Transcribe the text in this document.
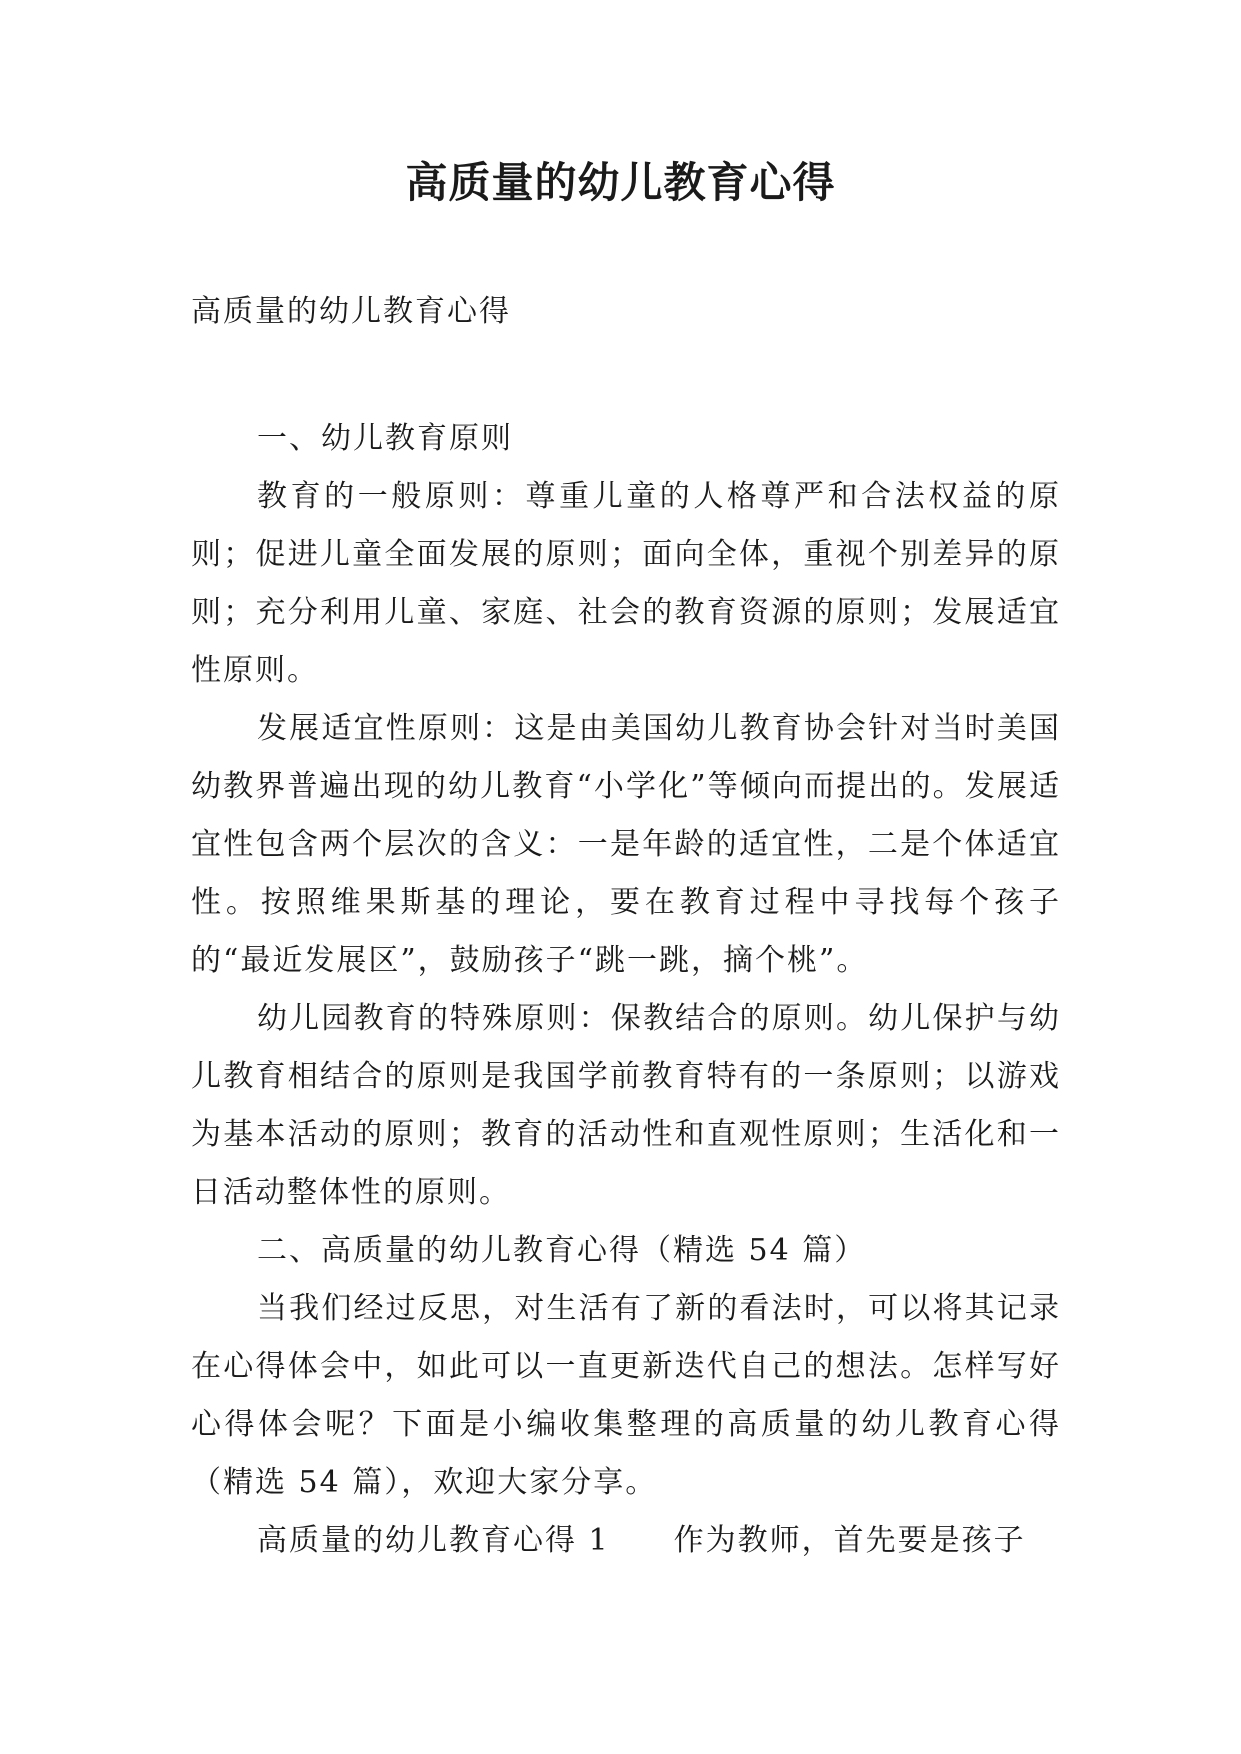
高质量的幼儿教育心得
高质量的幼儿教育心得

一、幼儿教育原则

教育的一般原则：尊重儿童的人格尊严和合法权益的原则；促进儿童全面发展的原则；面向全体，重视个别差异的原则；充分利用儿童、家庭、社会的教育资源的原则；发展适宜性原则。

发展适宜性原则：这是由美国幼儿教育协会针对当时美国幼教界普遍出现的幼儿教育“小学化”等倾向而提出的。发展适宜性包含两个层次的含义：一是年龄的适宜性，二是个体适宜性。按照维果斯基的理论，要在教育过程中寻找每个孩子的“最近发展区”，鼓励孩子“跳一跳，摘个桃”。

幼儿园教育的特殊原则：保教结合的原则。幼儿保护与幼儿教育相结合的原则是我国学前教育特有的一条原则；以游戏为基本活动的原则；教育的活动性和直观性原则；生活化和一日活动整体性的原则。

二、高质量的幼儿教育心得（精选 54 篇）

当我们经过反思，对生活有了新的看法时，可以将其记录在心得体会中，如此可以一直更新迭代自己的想法。怎样写好心得体会呢？下面是小编收集整理的高质量的幼儿教育心得（精选 54 篇），欢迎大家分享。

高质量的幼儿教育心得 1　　作为教师，首先要是孩子
